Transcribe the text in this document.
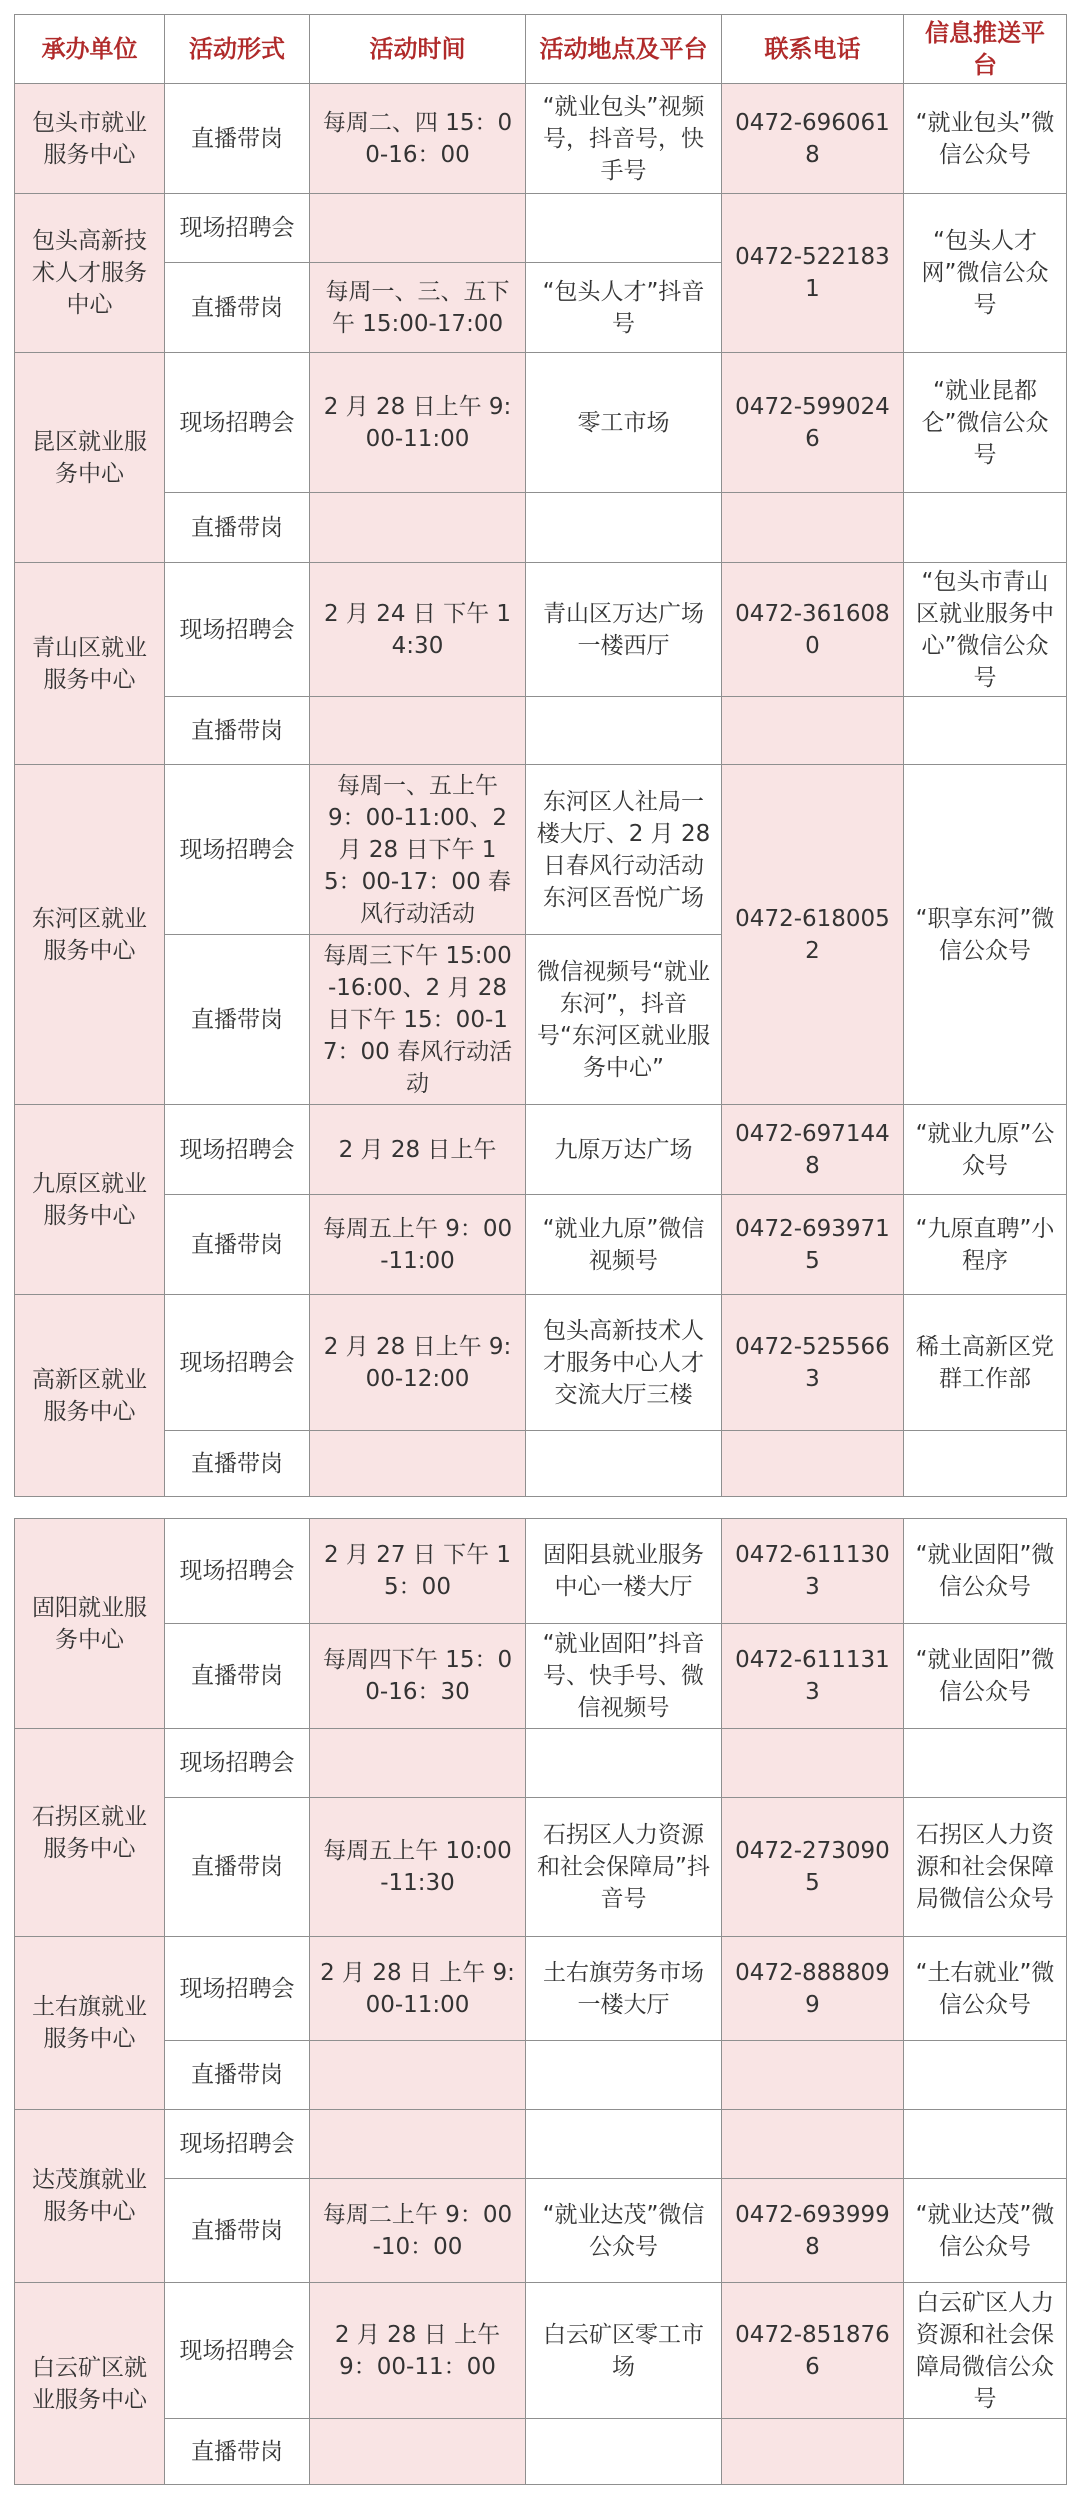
承办单位	活动形式	活动时间	活动地点及平台	联系电话	信息推送平台
包头市就业服务中心	直播带岗	每周二、四 15：00-16：00	“就业包头”视频号，抖音号，快手号	0472-6960618	“就业包头”微信公众号
包头高新技术人才服务中心	现场招聘会			0472-5221831	“包头人才网”微信公众号
	直播带岗	每周一、三、五下午 15:00-17:00	“包头人才”抖音号		
昆区就业服务中心	现场招聘会	2 月 28 日上午 9:00-11:00	零工市场	0472-5990246	“就业昆都仑”微信公众号
	直播带岗				
青山区就业服务中心	现场招聘会	2 月 24 日 下午 14:30	青山区万达广场一楼西厅	0472-3616080	“包头市青山区就业服务中心”微信公众号
	直播带岗				
东河区就业服务中心	现场招聘会	每周一、五上午 9：00-11:00、2 月 28 日下午 15：00-17：00 春风行动活动	东河区人社局一楼大厅、2 月 28 日春风行动活动东河区吾悦广场	0472-6180052	“职享东河”微信公众号
	直播带岗	每周三下午 15:00-16:00、2 月 28 日下午 15：00-17：00 春风行动活动	微信视频号“就业东河”，抖音号“东河区就业服务中心”		
九原区就业服务中心	现场招聘会	2 月 28 日上午	九原万达广场	0472-6971448	“就业九原”公众号
	直播带岗	每周五上午 9：00-11:00	“就业九原”微信视频号	0472-6939715	“九原直聘”小程序
高新区就业服务中心	现场招聘会	2 月 28 日上午 9:00-12:00	包头高新技术人才服务中心人才交流大厅三楼	0472-5255663	稀土高新区党群工作部
	直播带岗				
固阳就业服务中心	现场招聘会	2 月 27 日 下午 15：00	固阳县就业服务中心一楼大厅	0472-6111303	“就业固阳”微信公众号
	直播带岗	每周四下午 15：00-16：30	“就业固阳”抖音号、快手号、微信视频号	0472-6111313	“就业固阳”微信公众号
石拐区就业服务中心	现场招聘会				
	直播带岗	每周五上午 10:00-11:30	石拐区人力资源和社会保障局”抖音号	0472-2730905	石拐区人力资源和社会保障局微信公众号
土右旗就业服务中心	现场招聘会	2 月 28 日 上午 9:00-11:00	土右旗劳务市场一楼大厅	0472-8888099	“土右就业”微信公众号
	直播带岗				
达茂旗就业服务中心	现场招聘会				
	直播带岗	每周二上午 9：00-10：00	“就业达茂”微信公众号	0472-6939998	“就业达茂”微信公众号
白云矿区就业服务中心	现场招聘会	2 月 28 日 上午 9：00-11：00	白云矿区零工市场	0472-8518766	白云矿区人力资源和社会保障局微信公众号
	直播带岗				
